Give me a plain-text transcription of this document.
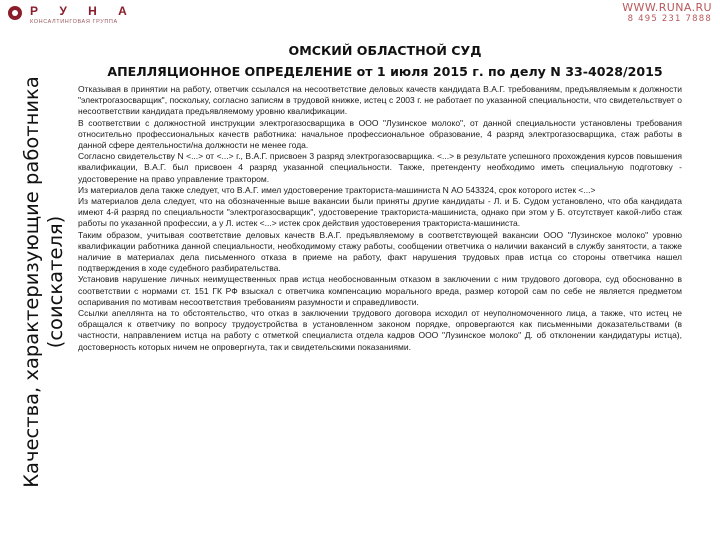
Р У Н А
КОНСАЛТИНГОВАЯ ГРУППА
WWW.RUNA.RU
8 495 231 7888
Качества, характеризующие работника (соискателя)
ОМСКИЙ ОБЛАСТНОЙ СУД
АПЕЛЛЯЦИОННОЕ ОПРЕДЕЛЕНИЕ от 1 июля 2015 г. по делу N 33-4028/2015

Отказывая в принятии на работу, ответчик ссылался на несоответствие деловых качеств кандидата В.А.Г. требованиям, предъявляемым к должности "электрогазосварщик", поскольку, согласно записям в трудовой книжке, истец с 2003 г. не работает по указанной специальности, что свидетельствует о несоответствии кандидата предъявляемому уровню квалификации.

В соответствии с должностной инструкции электрогазосварщика в ООО "Лузинское молоко", от данной специальности установлены требования относительно профессиональных качеств работника: начальное профессиональное образование, 4 разряд электрогазосварщика, стаж работы в данной сфере деятельности/на должности не менее года.

Согласно свидетельству N <...> от <...> г., В.А.Г. присвоен 3 разряд электрогазосварщика. <...> в результате успешного прохождения курсов повышения квалификации, В.А.Г. был присвоен 4 разряд указанной специальности. Также, претенденту необходимо иметь специальную подготовку - удостоверение на право управление трактором.

Из материалов дела также следует, что В.А.Г. имел удостоверение тракториста-машиниста N АО 543324, срок которого истек <...>

Из материалов дела следует, что на обозначенные выше вакансии были приняты другие кандидаты - Л. и Б. Судом установлено, что оба кандидата имеют 4-й разряд по специальности "электрогазосварщик", удостоверение тракториста-машиниста, однако при этом у Б. отсутствует какой-либо стаж работы по указанной профессии, а у Л. истек <...> истек срок действия удостоверения тракториста-машиниста.

Таким образом, учитывая соответствие деловых качеств В.А.Г. предъявляемому в соответствующей вакансии ООО "Лузинское молоко" уровню квалификации работника данной специальности, необходимому стажу работы, сообщении ответчика о наличии вакансий в службу занятости, а также наличие в материалах дела письменного отказа в приеме на работу, факт нарушения трудовых прав истца со стороны ответчика нашел подтверждения в ходе судебного разбирательства.

Установив нарушение личных неимущественных прав истца необоснованным отказом в заключении с ним трудового договора, суд обоснованно в соответствии с нормами ст. 151 ГК РФ взыскал с ответчика компенсацию морального вреда, размер которой сам по себе не является предметом оспаривания по мотивам несоответствия требованиям разумности и справедливости.

Ссылки апеллянта на то обстоятельство, что отказ в заключении трудового договора исходил от неуполномоченного лица, а также, что истец не обращался к ответчику по вопросу трудоустройства в установленном законом порядке, опровергаются как письменными доказательствами (в частности, направлением истца на работу с отметкой специалиста отдела кадров ООО "Лузинское молоко" Д. об отклонении кандидатуры истца), достоверность которых ничем не опровергнута, так и свидетельскими показаниями.
